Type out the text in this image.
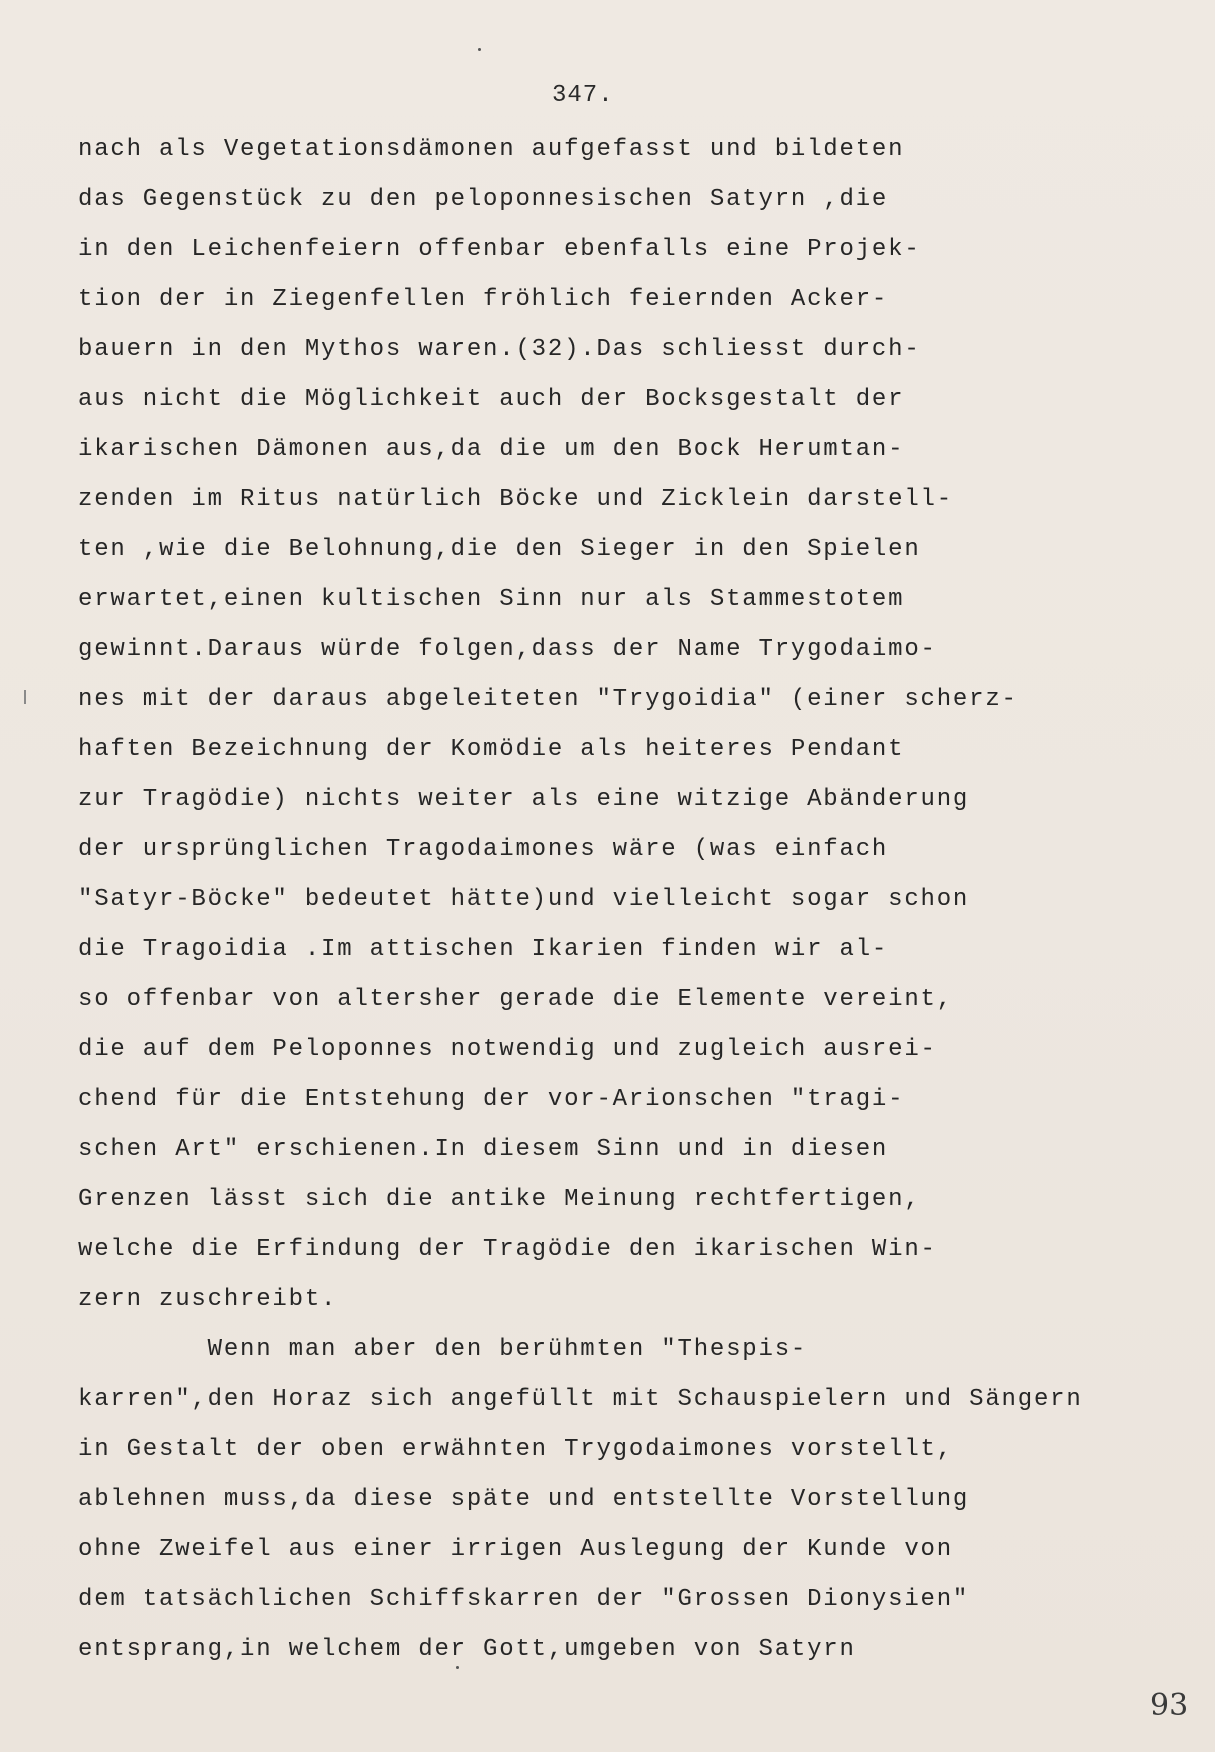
347.
nach als Vegetationsdämonen aufgefasst und bildeten
das Gegenstück zu den peloponnesischen Satyrn ,die
in den Leichenfeiern offenbar ebenfalls eine Projek-
tion der in Ziegenfellen fröhlich feiernden Acker-
bauern in den Mythos waren.(32).Das schliesst durch-
aus nicht die Möglichkeit auch der Bocksgestalt der
ikarischen Dämonen aus,da die um den Bock Herumtan-
zenden im Ritus natürlich Böcke und Zicklein darstell-
ten ,wie die Belohnung,die den Sieger in den Spielen
erwartet,einen kultischen Sinn nur als Stammestotem
gewinnt.Daraus würde folgen,dass der Name Trygodaimo-
nes mit der daraus abgeleiteten "Trygoidia" (einer scherz-
haften Bezeichnung der Komödie als heiteres Pendant
zur Tragödie) nichts weiter als eine witzige Abänderung
der ursprünglichen Tragodaimones wäre (was einfach
"Satyr-Böcke" bedeutet hätte)und vielleicht sogar schon
die Tragoidia .Im attischen Ikarien finden wir al-
so offenbar von altersher gerade die Elemente vereint,
die auf dem Peloponnes notwendig und zugleich ausrei-
chend für die Entstehung der vor-Arionschen "tragi-
schen Art" erschienen.In diesem Sinn und in diesen
Grenzen lässt sich die antike Meinung rechtfertigen,
welche die Erfindung der Tragödie den ikarischen Win-
zern zuschreibt.
Wenn man aber den berühmten "Thespis-
karren",den Horaz sich angefüllt mit Schauspielern und Sängern
in Gestalt der oben erwähnten Trygodaimones vorstellt,
ablehnen muss,da diese späte und entstellte Vorstellung
ohne Zweifel aus einer irrigen Auslegung der Kunde von
dem tatsächlichen Schiffskarren der "Grossen Dionysien"
entsprang,in welchem der Gott,umgeben von Satyrn
93
